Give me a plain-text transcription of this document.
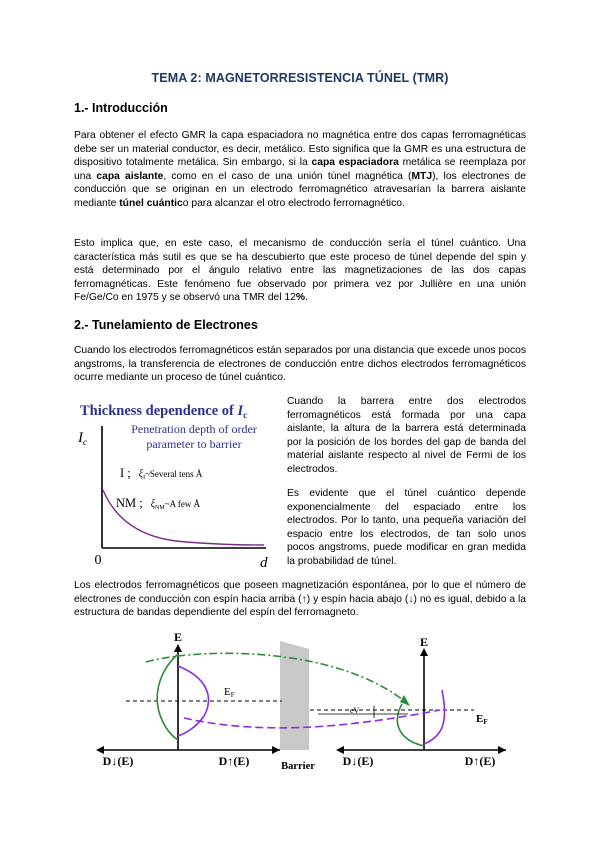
TEMA 2: MAGNETORRESISTENCIA TÚNEL (TMR)
1.- Introducción

Para obtener el efecto GMR la capa espaciadora no magnética entre dos capas ferromagnéticas debe ser un material conductor, es decir, metálico. Esto significa que la GMR es una estructura de dispositivo totalmente metálica. Sin embargo, si la capa espaciadora metálica se reemplaza por una capa aislante, como en el caso de una unión túnel magnética (MTJ), los electrones de conducción que se originan en un electrodo ferromagnético atravesarían la barrera aislante mediante túnel cuántico para alcanzar el otro electrodo ferromagnético.

Esto implica que, en este caso, el mecanismo de conducción sería el túnel cuántico. Una característica más sutil es que se ha descubierto que este proceso de túnel depende del spin y está determinado por el ángulo relativo entre las magnetizaciones de las dos capas ferromagnéticas. Este fenómeno fue observado por primera vez por Jullière en una unión Fe/Ge/Co en 1975 y se observó una TMR del 12%.

2.- Tunelamiento de Electrones

Cuando los electrodos ferromagnéticos están separados por una distancia que excede unos pocos angstroms, la transferencia de electrones de conducción entre dichos electrodos ferromagnéticos ocurre mediante un proceso de túnel cuántico.

Thickness dependence of $I_c$
Penetration depth of order
parameter to barrier
$I_c$
I ; ξI~Several tens Å
NM ; ξNM~A few Å
0	d

Cuando la barrera entre dos electrodos ferromagnéticos está formada por una capa aislante, la altura de la barrera está determinada por la posición de los bordes del gap de banda del material aislante respecto al nivel de Fermi de los electrodos.

Es evidente que el túnel cuántico depende exponencialmente del espaciado entre los electrodos. Por lo tanto, una pequeña variación del espacio entre los electrodos, de tan solo unos pocos angstroms, puede modificar en gran medida la probabilidad de túnel.

Los electrodos ferromagnéticos que poseen magnetización espontánea, por lo que el número de electrones de conducción con espín hacia arriba (↑) y espín hacia abajo (↓) no es igual, debido a la estructura de bandas dependiente del espín del ferromagneto.

E	E
EF
EF
eV
Barrier
D↓(E)	D↑(E)	D↓(E)	D↑(E)
